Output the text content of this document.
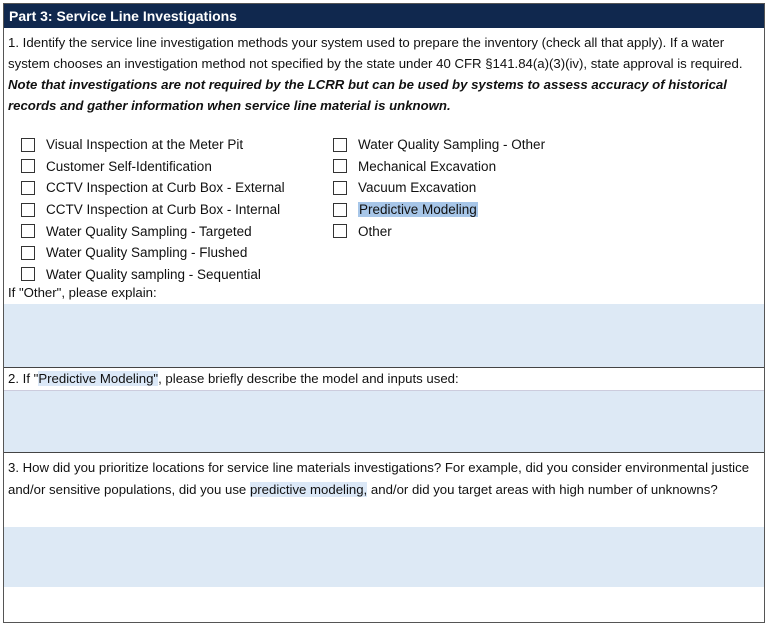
Part 3: Service Line Investigations
1. Identify the service line investigation methods your system used to prepare the inventory (check all that apply). If a water system chooses an investigation method not specified by the state under 40 CFR §141.84(a)(3)(iv), state approval is required. Note that investigations are not required by the LCRR but can be used by systems to assess accuracy of historical records and gather information when service line material is unknown.
Visual Inspection at the Meter Pit
Customer Self-Identification
CCTV Inspection at Curb Box - External
CCTV Inspection at Curb Box - Internal
Water Quality Sampling - Targeted
Water Quality Sampling - Flushed
Water Quality sampling - Sequential
Water Quality Sampling - Other
Mechanical Excavation
Vacuum Excavation
Predictive Modeling
Other
If "Other", please explain:
2. If "Predictive Modeling", please briefly describe the model and inputs used:
3. How did you prioritize locations for service line materials investigations? For example, did you consider environmental justice and/or sensitive populations, did you use predictive modeling, and/or did you target areas with high number of unknowns?
